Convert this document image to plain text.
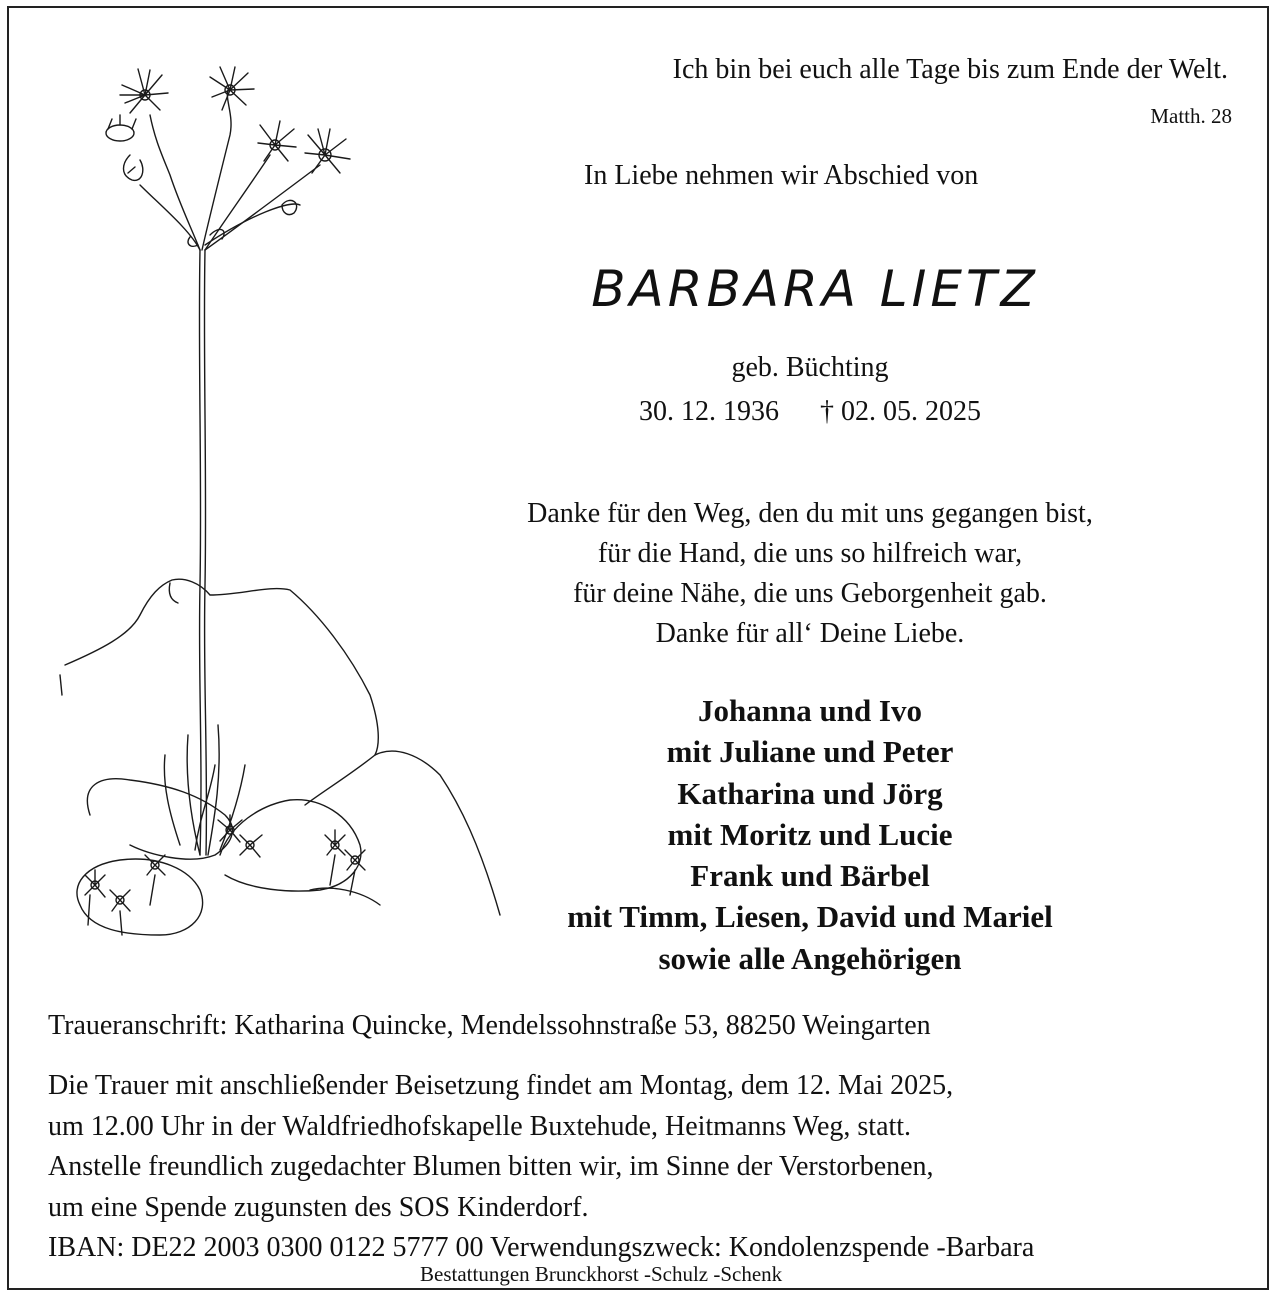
Ich bin bei euch alle Tage bis zum Ende der Welt.
Matth. 28
In Liebe nehmen wir Abschied von
BARBARA LIETZ
geb. Büchting
30. 12. 1936 † 02. 05. 2025
Danke für den Weg, den du mit uns gegangen bist,
für die Hand, die uns so hilfreich war,
für deine Nähe, die uns Geborgenheit gab.
Danke für all‘ Deine Liebe.
Johanna und Ivo
mit Juliane und Peter
Katharina und Jörg
mit Moritz und Lucie
Frank und Bärbel
mit Timm, Liesen, David und Mariel
sowie alle Angehörigen
Traueranschrift: Katharina Quincke, Mendelssohnstraße 53, 88250 Weingarten
Die Trauer mit anschließender Beisetzung findet am Montag, dem 12. Mai 2025,
um 12.00 Uhr in der Waldfriedhofskapelle Buxtehude, Heitmanns Weg, statt.
Anstelle freundlich zugedachter Blumen bitten wir, im Sinne der Verstorbenen,
um eine Spende zugunsten des SOS Kinderdorf.
IBAN: DE22 2003 0300 0122 5777 00 Verwendungszweck: Kondolenzspende -Barbara
Bestattungen Brunckhorst -Schulz -Schenk
